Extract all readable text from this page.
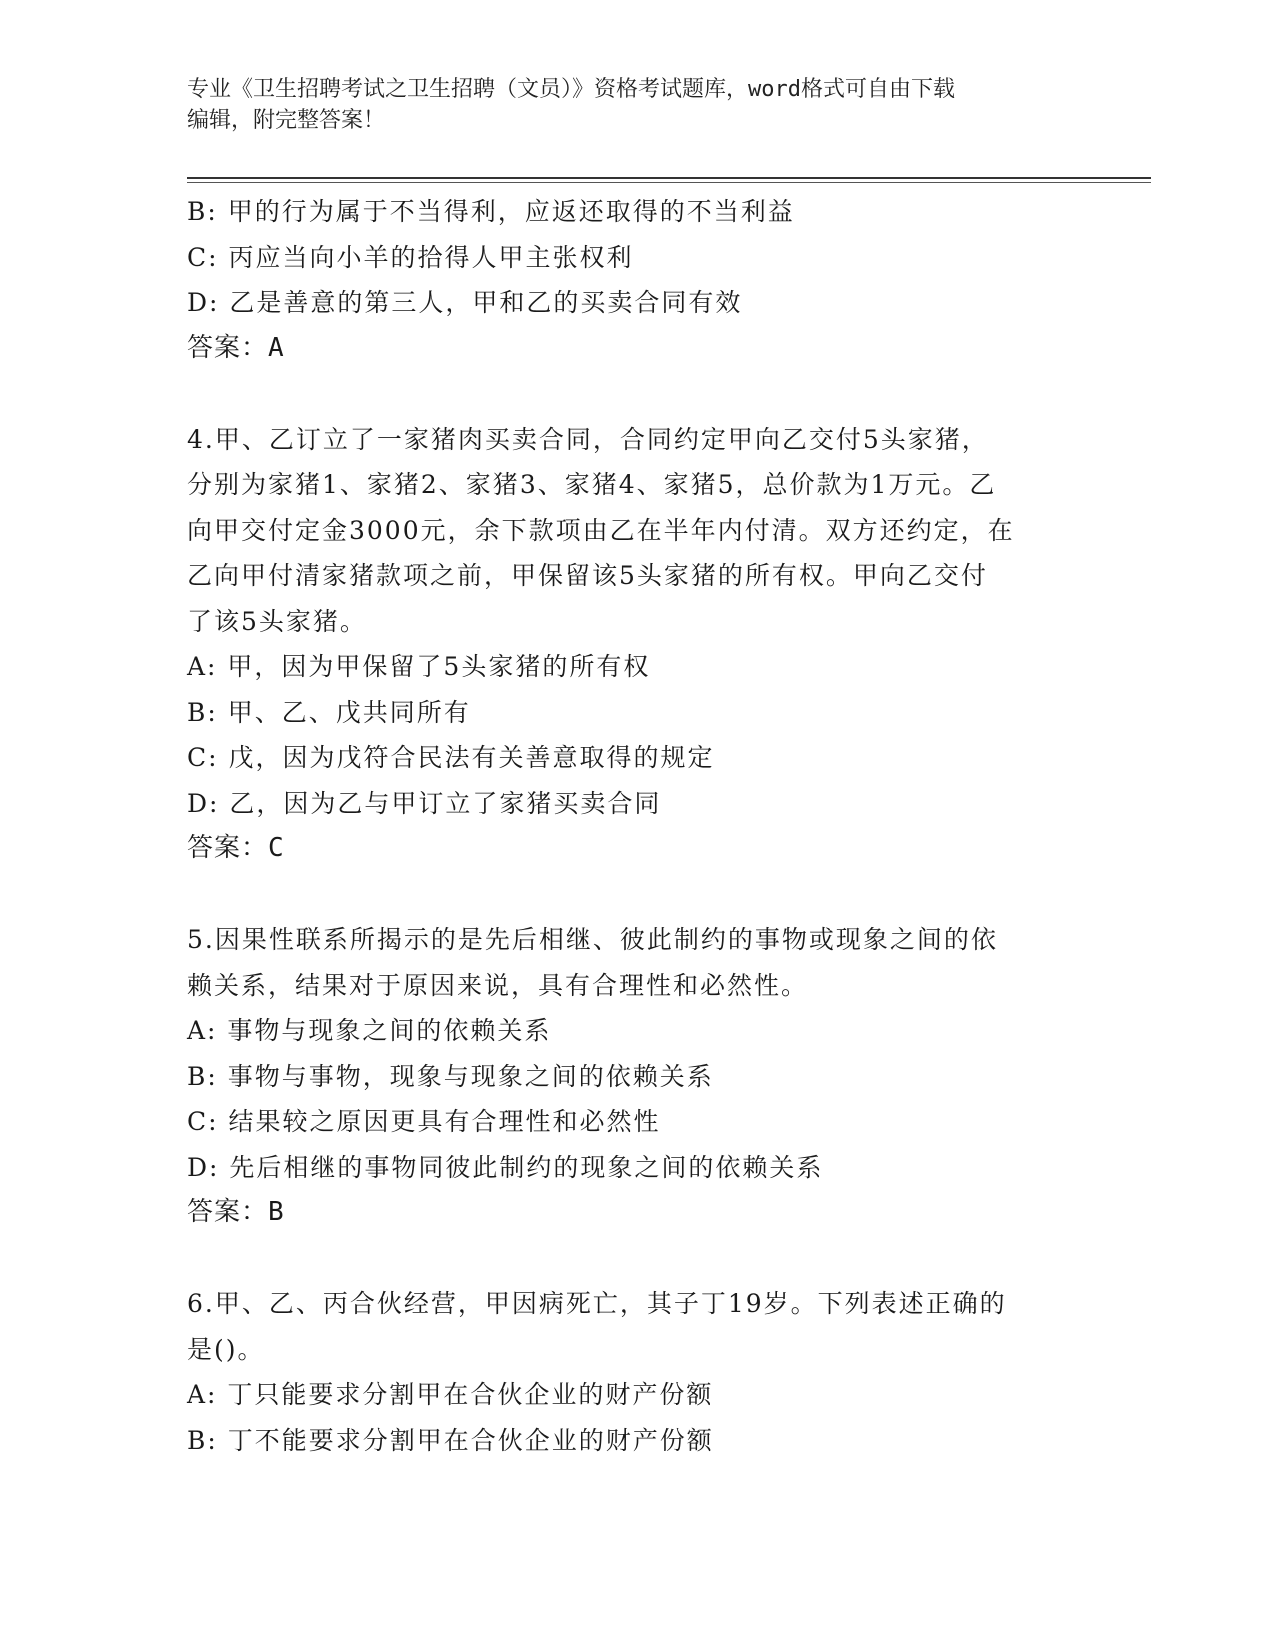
专业《卫生招聘考试之卫生招聘（文员）》资格考试题库，word格式可自由下载
编辑，附完整答案！
B: 甲的行为属于不当得利，应返还取得的不当利益
C: 丙应当向小羊的拾得人甲主张权利
D: 乙是善意的第三人，甲和乙的买卖合同有效
答案：A
4.甲、乙订立了一家猪肉买卖合同，合同约定甲向乙交付5头家猪，
分别为家猪1、家猪2、家猪3、家猪4、家猪5，总价款为1万元。乙
向甲交付定金3000元，余下款项由乙在半年内付清。双方还约定，在
乙向甲付清家猪款项之前，甲保留该5头家猪的所有权。甲向乙交付
了该5头家猪。
A: 甲，因为甲保留了5头家猪的所有权
B: 甲、乙、戊共同所有
C: 戊，因为戊符合民法有关善意取得的规定
D: 乙，因为乙与甲订立了家猪买卖合同
答案：C
5.因果性联系所揭示的是先后相继、彼此制约的事物或现象之间的依
赖关系，结果对于原因来说，具有合理性和必然性。
A: 事物与现象之间的依赖关系
B: 事物与事物，现象与现象之间的依赖关系
C: 结果较之原因更具有合理性和必然性
D: 先后相继的事物同彼此制约的现象之间的依赖关系
答案：B
6.甲、乙、丙合伙经营，甲因病死亡，其子丁19岁。下列表述正确的
是()。
A: 丁只能要求分割甲在合伙企业的财产份额
B: 丁不能要求分割甲在合伙企业的财产份额
